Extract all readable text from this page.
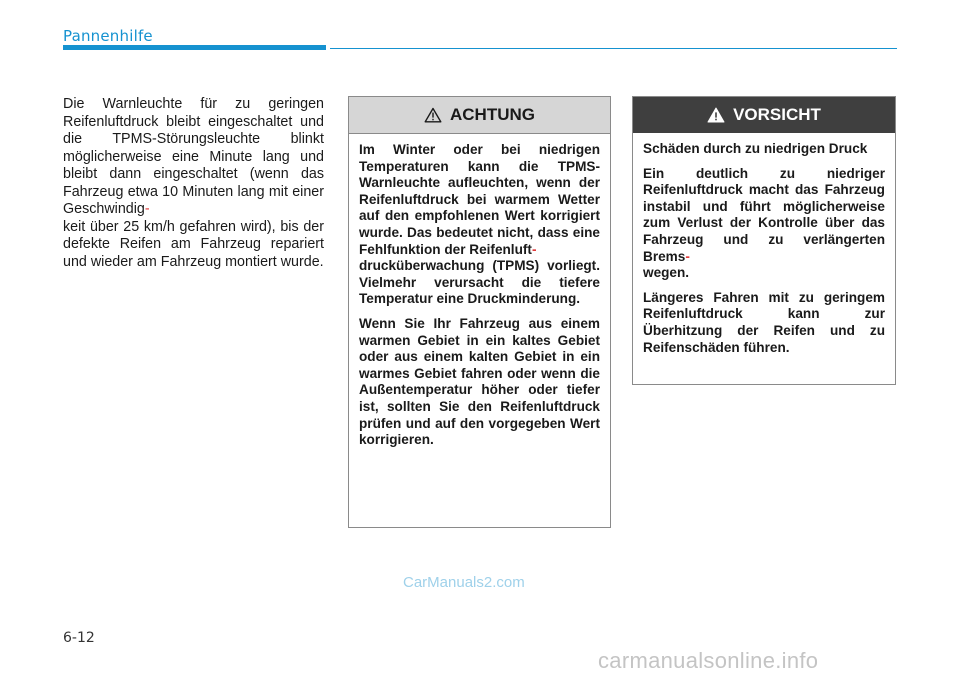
Pannenhilfe

Die Warnleuchte für zu geringen Reifenluftdruck bleibt eingeschaltet und die TPMS-Störungsleuchte blinkt möglicherweise eine Minute lang und bleibt dann eingeschaltet (wenn das Fahrzeug etwa 10 Minuten lang mit einer Geschwindig-
keit über 25 km/h gefahren wird), bis der defekte Reifen am Fahrzeug repariert und wieder am Fahrzeug montiert wurde.

ACHTUNG

Im Winter oder bei niedrigen Temperaturen kann die TPMS-Warnleuchte aufleuchten, wenn der Reifenluftdruck bei warmem Wetter auf den empfohlenen Wert korrigiert wurde. Das bedeutet nicht, dass eine Fehlfunktion der Reifenluft-
drucküberwachung (TPMS) vorliegt. Vielmehr verursacht die tiefere Temperatur eine Druckminderung.

Wenn Sie Ihr Fahrzeug aus einem warmen Gebiet in ein kaltes Gebiet oder aus einem kalten Gebiet in ein warmes Gebiet fahren oder wenn die Außentemperatur höher oder tiefer ist, sollten Sie den Reifenluftdruck prüfen und auf den vorgegeben Wert korrigieren.

VORSICHT

Schäden durch zu niedrigen Druck

Ein deutlich zu niedriger Reifenluftdruck macht das Fahrzeug instabil und führt möglicherweise zum Verlust der Kontrolle über das Fahrzeug und zu verlängerten Brems-
wegen.

Längeres Fahren mit zu geringem Reifenluftdruck kann zur Überhitzung der Reifen und zu Reifenschäden führen.

CarManuals2.com
6-12
carmanualsonline.info
